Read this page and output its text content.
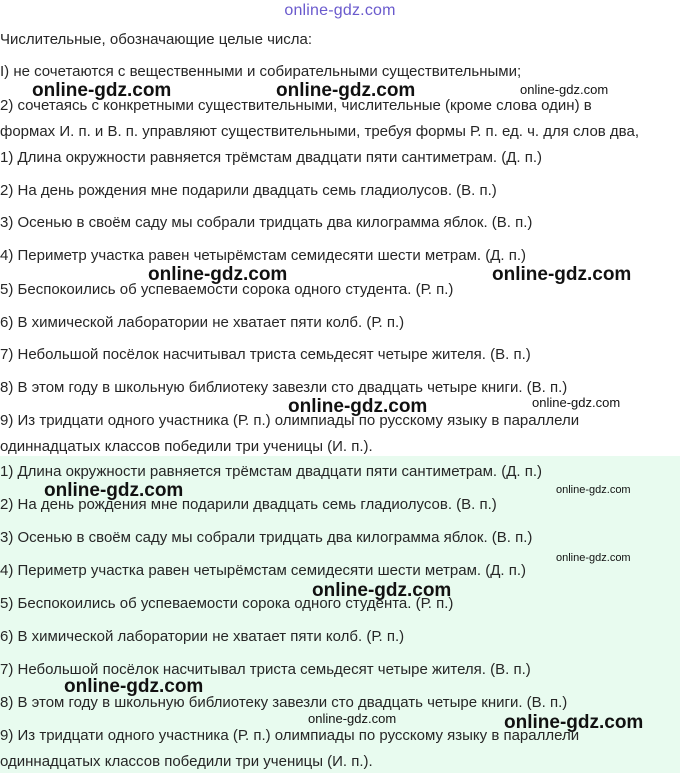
online-gdz.com
Числительные, обозначающие целые числа:
I) не сочетаются с вещественными и собирательными существительными;
2) сочетаясь с конкретными существительными, числительные (кроме слова один) в
формах И. п. и В. п. управляют существительными, требуя формы Р. п. ед. ч. для слов два,
1) Длина окружности равняется трёмстам двадцати пяти сантиметрам. (Д. п.)
2) На день рождения мне подарили двадцать семь гладиолусов. (В. п.)
3) Осенью в своём саду мы собрали тридцать два килограмма яблок. (В. п.)
4) Периметр участка равен четырёмстам семидесяти шести метрам. (Д. п.)
5) Беспокоились об успеваемости сорока одного студента. (Р. п.)
6) В химической лаборатории не хватает пяти колб. (Р. п.)
7) Небольшой посёлок насчитывал триста семьдесят четыре жителя. (В. п.)
8) В этом году в школьную библиотеку завезли сто двадцать четыре книги. (В. п.)
9) Из тридцати одного участника (Р. п.) олимпиады по русскому языку в параллели
одиннадцатых классов победили три ученицы (И. п.).
1) Длина окружности равняется трёмстам двадцати пяти сантиметрам. (Д. п.)
2) На день рождения мне подарили двадцать семь гладиолусов. (В. п.)
3) Осенью в своём саду мы собрали тридцать два килограмма яблок. (В. п.)
4) Периметр участка равен четырёмстам семидесяти шести метрам. (Д. п.)
5) Беспокоились об успеваемости сорока одного студента. (Р. п.)
6) В химической лаборатории не хватает пяти колб. (Р. п.)
7) Небольшой посёлок насчитывал триста семьдесят четыре жителя. (В. п.)
8) В этом году в школьную библиотеку завезли сто двадцать четыре книги. (В. п.)
9) Из тридцати одного участника (Р. п.) олимпиады по русскому языку в параллели
одиннадцатых классов победили три ученицы (И. п.).
online-gdz.com	online-gdz.com	online-gdz.com
online-gdz.com	online-gdz.com
online-gdz.com	online-gdz.com
online-gdz.com	online-gdz.com
online-gdz.com
online-gdz.com
online-gdz.com
online-gdz.com	online-gdz.com
